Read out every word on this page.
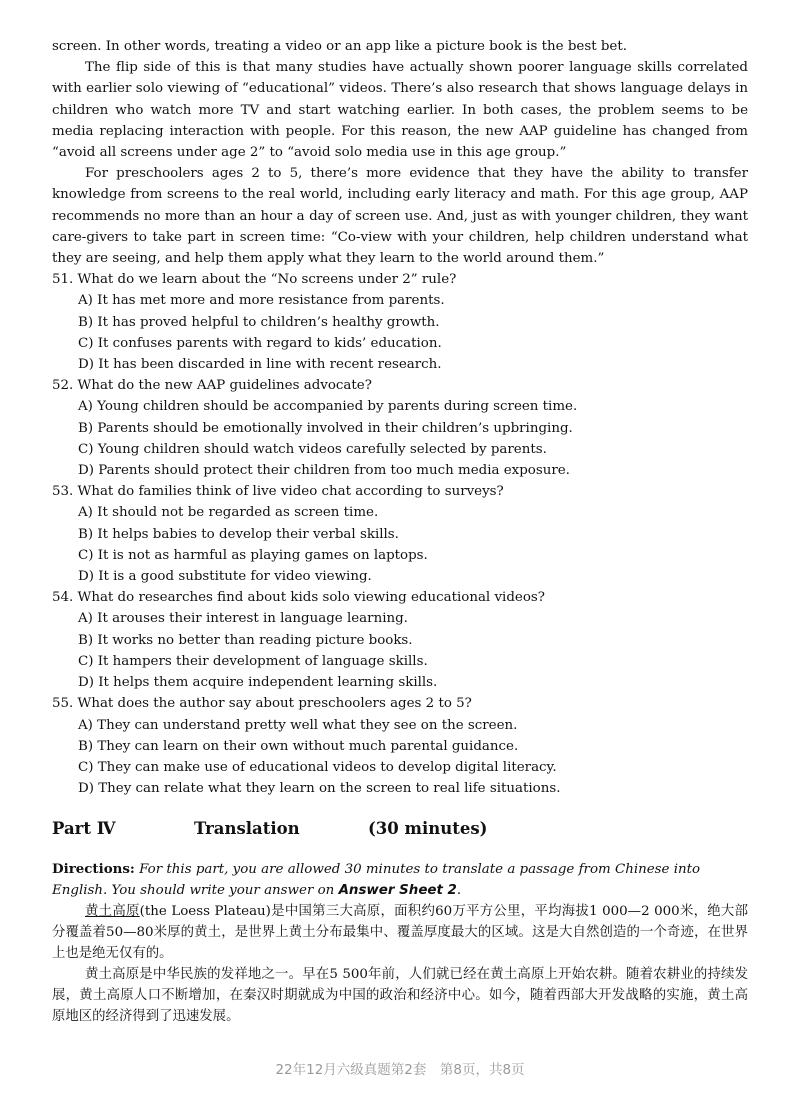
screen. In other words, treating a video or an app like a picture book is the best bet.

The flip side of this is that many studies have actually shown poorer language skills correlated with earlier solo viewing of “educational” videos. There’s also research that shows language delays in children who watch more TV and start watching earlier. In both cases, the problem seems to be media replacing interaction with people. For this reason, the new AAP guideline has changed from “avoid all screens under age 2” to “avoid solo media use in this age group.”

For preschoolers ages 2 to 5, there’s more evidence that they have the ability to transfer knowledge from screens to the real world, including early literacy and math. For this age group, AAP recommends no more than an hour a day of screen use. And, just as with younger children, they want care-givers to take part in screen time: “Co-view with your children, help children understand what they are seeing, and help them apply what they learn to the world around them.”

51. What do we learn about the “No screens under 2” rule?
A) It has met more and more resistance from parents.
B) It has proved helpful to children’s healthy growth.
C) It confuses parents with regard to kids’ education.
D) It has been discarded in line with recent research.
52. What do the new AAP guidelines advocate?
A) Young children should be accompanied by parents during screen time.
B) Parents should be emotionally involved in their children’s upbringing.
C) Young children should watch videos carefully selected by parents.
D) Parents should protect their children from too much media exposure.
53. What do families think of live video chat according to surveys?
A) It should not be regarded as screen time.
B) It helps babies to develop their verbal skills.
C) It is not as harmful as playing games on laptops.
D) It is a good substitute for video viewing.
54. What do researches find about kids solo viewing educational videos?
A) It arouses their interest in language learning.
B) It works no better than reading picture books.
C) It hampers their development of language skills.
D) It helps them acquire independent learning skills.
55. What does the author say about preschoolers ages 2 to 5?
A) They can understand pretty well what they see on the screen.
B) They can learn on their own without much parental guidance.
C) They can make use of educational videos to develop digital literacy.
D) They can relate what they learn on the screen to real life situations.
Part Ⅳ	Translation	(30 minutes)
Directions: For this part, you are allowed 30 minutes to translate a passage from Chinese into English. You should write your answer on Answer Sheet 2.

黄土高原(the Loess Plateau)是中国第三大高原，面积约60万平方公里，平均海拔1 000—2 000米，绝大部分覆盖着50—80米厚的黄土，是世界上黄土分布最集中、覆盖厚度最大的区域。这是大自然创造的一个奇迹，在世界上也是绝无仅有的。

黄土高原是中华民族的发祥地之一。早在5 500年前，人们就已经在黄土高原上开始农耕。随着农耕业的持续发展，黄土高原人口不断增加，在秦汉时期就成为中国的政治和经济中心。如今，随着西部大开发战略的实施，黄土高原地区的经济得到了迅速发展。

22年12月六级真题第2套　第8页，共8页
